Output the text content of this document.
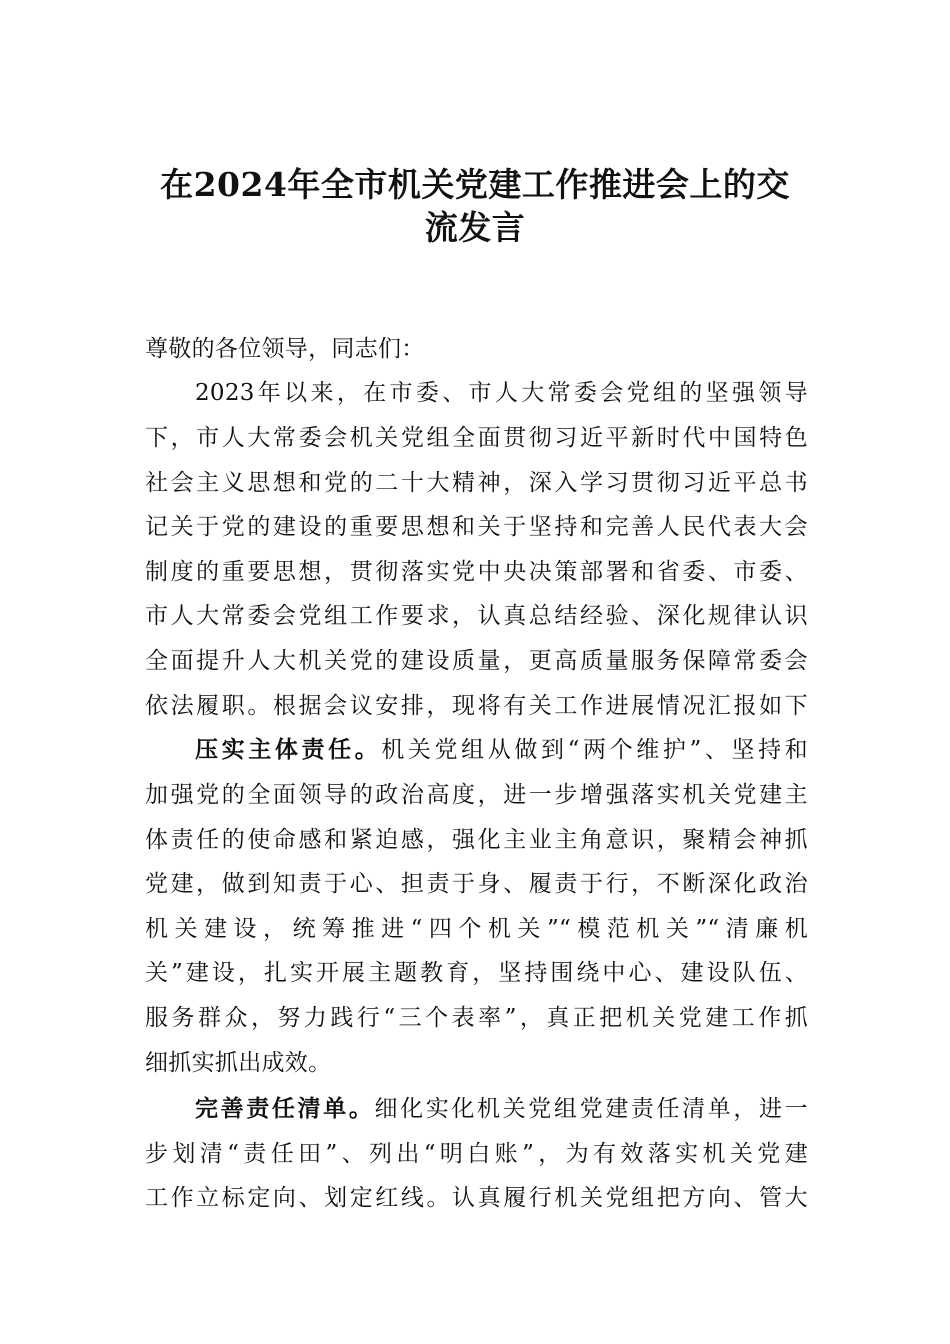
在2024年全市机关党建工作推进会上的交
流发言
尊敬的各位领导，同志们：
2023年以来，在市委、市人大常委会党组的坚强领导
下，市人大常委会机关党组全面贯彻习近平新时代中国特色
社会主义思想和党的二十大精神，深入学习贯彻习近平总书
记关于党的建设的重要思想和关于坚持和完善人民代表大会
制度的重要思想，贯彻落实党中央决策部署和省委、市委、
市人大常委会党组工作要求，认真总结经验、深化规律认识
全面提升人大机关党的建设质量，更高质量服务保障常委会
依法履职。根据会议安排，现将有关工作进展情况汇报如下
压实主体责任。机关党组从做到“两个维护”、坚持和
加强党的全面领导的政治高度，进一步增强落实机关党建主
体责任的使命感和紧迫感，强化主业主角意识，聚精会神抓
党建，做到知责于心、担责于身、履责于行，不断深化政治
机关建设，统筹推进“四个机关”“模范机关”“清廉机
关”建设，扎实开展主题教育，坚持围绕中心、建设队伍、
服务群众，努力践行“三个表率”，真正把机关党建工作抓
细抓实抓出成效。
完善责任清单。细化实化机关党组党建责任清单，进一
步划清“责任田”、列出“明白账”，为有效落实机关党建
工作立标定向、划定红线。认真履行机关党组把方向、管大
